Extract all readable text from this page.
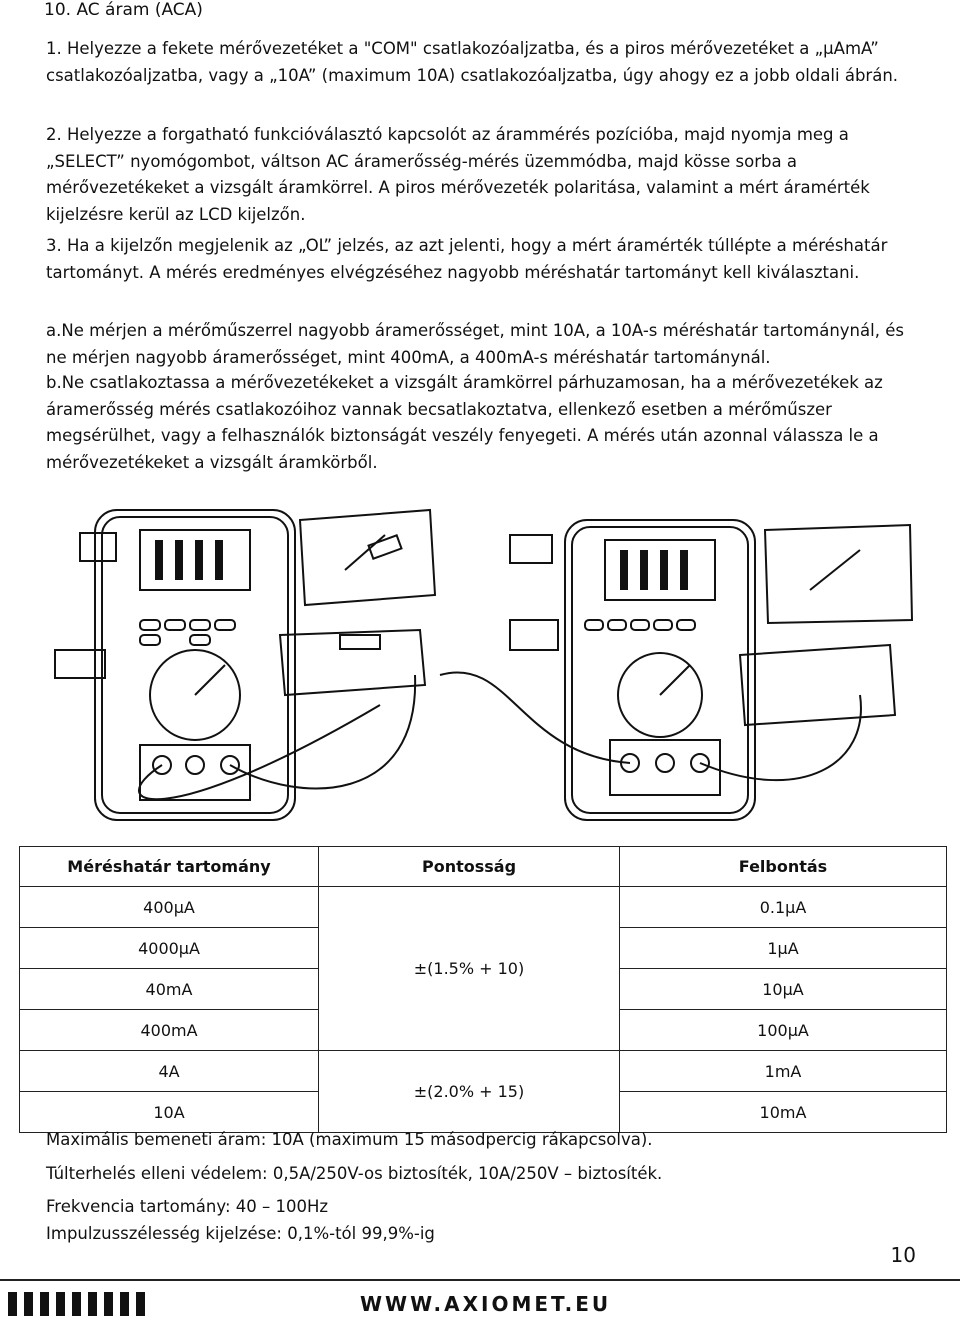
10. AC áram (ACA)
1. Helyezze a fekete mérővezetéket a "COM" csatlakozóaljzatba, és a piros mérővezetéket a „µAmA” csatlakozóaljzatba, vagy a „10A” (maximum 10A) csatlakozóaljzatba, úgy ahogy ez a jobb oldali ábrán.
2. Helyezze a forgatható funkcióválasztó kapcsolót az árammérés pozícióba, majd nyomja meg a „SELECT” nyomógombot, váltson AC áramerősség-mérés üzemmódba, majd kösse sorba a mérővezetékeket a vizsgált áramkörrel. A piros mérővezeték polaritása, valamint a mért áramérték kijelzésre kerül az LCD kijelzőn.
3. Ha a kijelzőn megjelenik az „OL” jelzés, az azt jelenti, hogy a mért áramérték túllépte a méréshatár tartományt. A mérés eredményes elvégzéséhez nagyobb méréshatár tartományt kell kiválasztani.
a.Ne mérjen a mérőműszerrel nagyobb áramerősséget, mint 10A, a 10A-s méréshatár tartománynál, és ne mérjen nagyobb áramerősséget, mint 400mA, a 400mA-s méréshatár tartománynál.
b.Ne csatlakoztassa a mérővezetékeket a vizsgált áramkörrel párhuzamosan, ha a mérővezetékek az áramerősség mérés csatlakozóihoz vannak becsatlakoztatva, ellenkező esetben a mérőműszer megsérülhet, vagy a felhasználók biztonságát veszély fenyegeti. A mérés után azonnal válassza le a mérővezetékeket a vizsgált áramkörből.
Méréshatár tartomány	Pontosság	Felbontás
400µA	±(1.5% + 10)	0.1µA
4000µA		1µA
40mA		10µA
400mA		100µA
4A	±(2.0% + 15)	1mA
10A		10mA
Maximális bemeneti áram: 10A (maximum 15 másodpercig rákapcsolva).
Túlterhelés elleni védelem: 0,5A/250V-os biztosíték, 10A/250V – biztosíték.
Frekvencia tartomány: 40 – 100Hz
Impulzusszélesség kijelzése: 0,1%-tól 99,9%-ig
10
WWW.AXIOMET.EU
